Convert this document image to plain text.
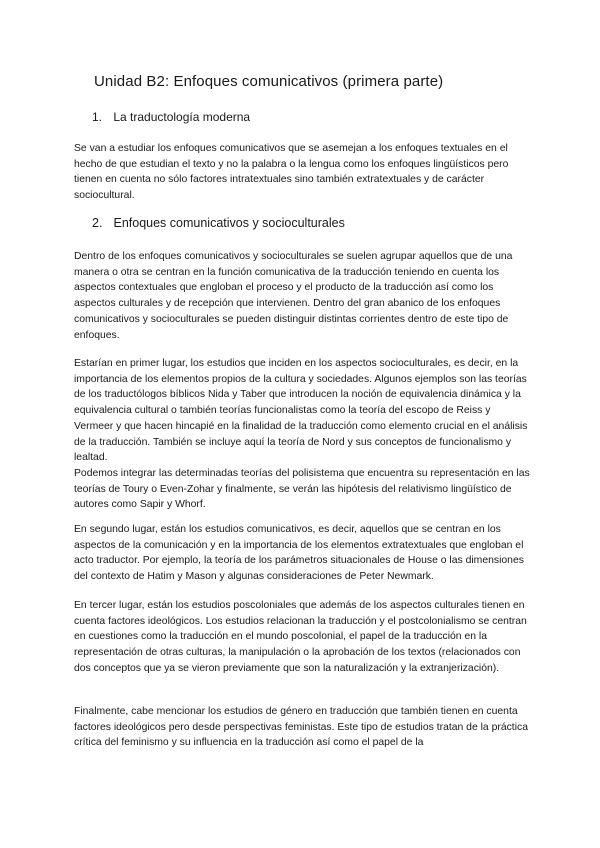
Unidad B2: Enfoques comunicativos (primera parte)
1. La traductología moderna

Se van a estudiar los enfoques comunicativos que se asemejan a los enfoques textuales en el hecho de que estudian el texto y no la palabra o la lengua como los enfoques lingüísticos pero tienen en cuenta no sólo factores intratextuales sino también extratextuales y de carácter sociocultural.

2. Enfoques comunicativos y socioculturales

Dentro de los enfoques comunicativos y socioculturales se suelen agrupar aquellos que de una manera o otra se centran en la función comunicativa de la traducción teniendo en cuenta los aspectos contextuales que engloban el proceso y el producto de la traducción así como los aspectos culturales y de recepción que intervienen. Dentro del gran abanico de los enfoques comunicativos y socioculturales se pueden distinguir distintas corrientes dentro de este tipo de enfoques.

Estarían en primer lugar, los estudios que inciden en los aspectos socioculturales, es decir, en la importancia de los elementos propios de la cultura y sociedades. Algunos ejemplos son las teorías de los traductólogos bíblicos Nida y Taber que introducen la noción de equivalencia dinámica y la equivalencia cultural o también teorías funcionalistas como la teoría del escopo de Reiss y Vermeer y que hacen hincapié en la finalidad de la traducción como elemento crucial en el análisis de la traducción. También se incluye aquí la teoría de Nord y sus conceptos de funcionalismo y lealtad.
Podemos integrar las determinadas teorías del polisistema que encuentra su representación en las teorías de Toury o Even-Zohar y finalmente, se verán las hipótesis del relativismo lingüístico de autores como Sapir y Whorf.

En segundo lugar, están los estudios comunicativos, es decir, aquellos que se centran en los aspectos de la comunicación y en la importancia de los elementos extratextuales que engloban el acto traductor. Por ejemplo, la teoría de los parámetros situacionales de House o las dimensiones del contexto de Hatim y Mason y algunas consideraciones de Peter Newmark.

En tercer lugar, están los estudios poscoloniales que además de los aspectos culturales tienen en cuenta factores ideológicos. Los estudios relacionan la traducción y el postcolonialismo se centran en cuestiones como la traducción en el mundo poscolonial, el papel de la traducción en la representación de otras culturas, la manipulación o la aprobación de los textos (relacionados con dos conceptos que ya se vieron previamente que son la naturalización y la extranjerización).

Finalmente, cabe mencionar los estudios de género en traducción que también tienen en cuenta factores ideológicos pero desde perspectivas feministas. Este tipo de estudios tratan de la práctica crítica del feminismo y su influencia en la traducción así como el papel de la
